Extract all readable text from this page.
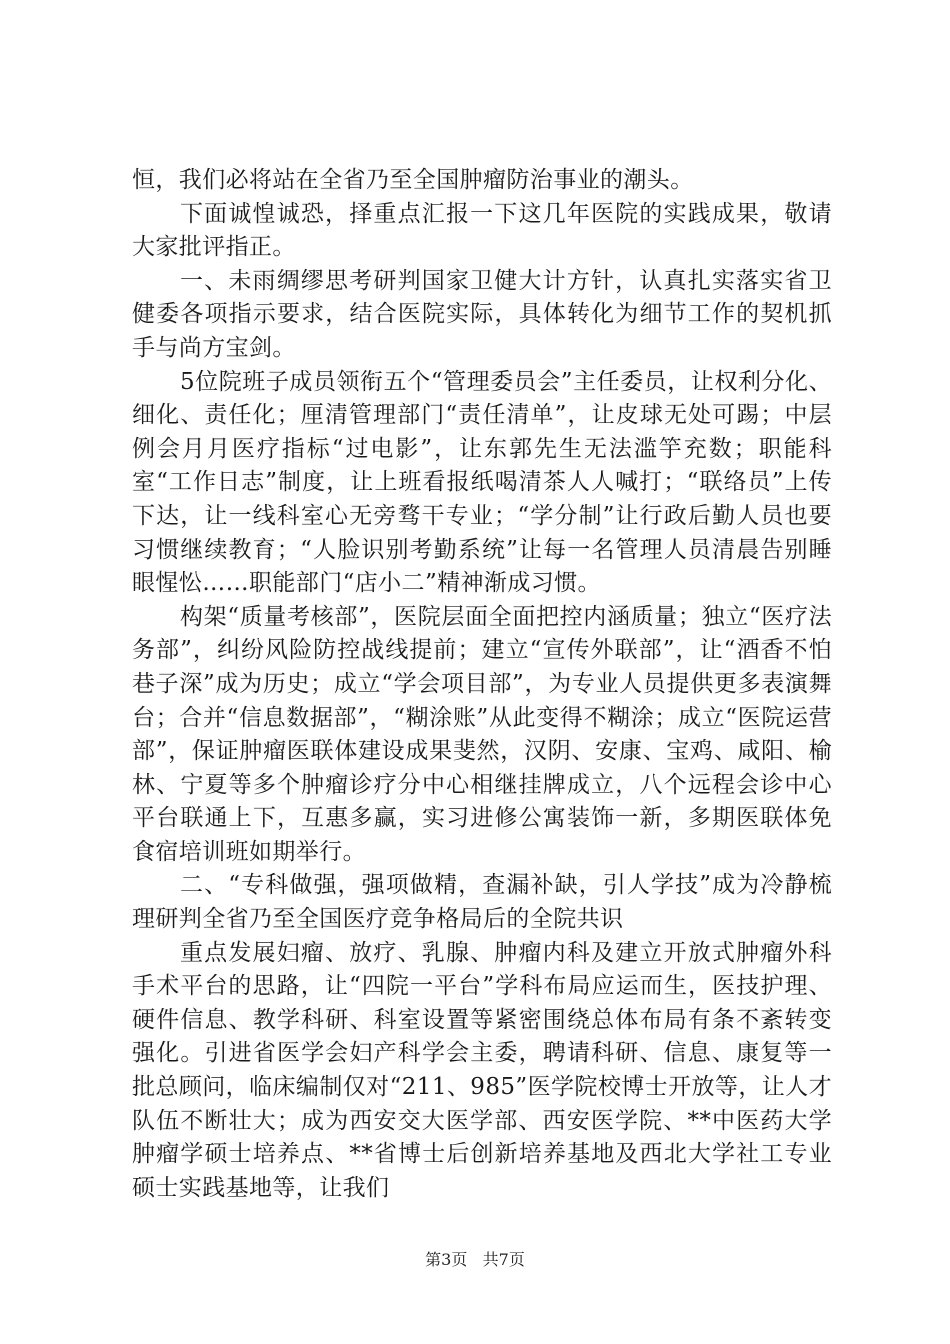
恒，我们必将站在全省乃至全国肿瘤防治事业的潮头。

下面诚惶诚恐，择重点汇报一下这几年医院的实践成果，敬请大家批评指正。

一、未雨绸缪思考研判国家卫健大计方针，认真扎实落实省卫健委各项指示要求，结合医院实际，具体转化为细节工作的契机抓手与尚方宝剑。

5位院班子成员领衔五个“管理委员会”主任委员，让权利分化、细化、责任化；厘清管理部门“责任清单”，让皮球无处可踢；中层例会月月医疗指标“过电影”，让东郭先生无法滥竽充数；职能科室“工作日志”制度，让上班看报纸喝清茶人人喊打；“联络员”上传下达，让一线科室心无旁骛干专业；“学分制”让行政后勤人员也要习惯继续教育；“人脸识别考勤系统”让每一名管理人员清晨告别睡眼惺忪……职能部门“店小二”精神渐成习惯。

构架“质量考核部”，医院层面全面把控内涵质量；独立“医疗法务部”，纠纷风险防控战线提前；建立“宣传外联部”，让“酒香不怕巷子深”成为历史；成立“学会项目部”，为专业人员提供更多表演舞台；合并“信息数据部”，“糊涂账”从此变得不糊涂；成立“医院运营部”，保证肿瘤医联体建设成果斐然，汉阴、安康、宝鸡、咸阳、榆林、宁夏等多个肿瘤诊疗分中心相继挂牌成立，八个远程会诊中心平台联通上下，互惠多赢，实习进修公寓装饰一新，多期医联体免食宿培训班如期举行。

二、“专科做强，强项做精，查漏补缺，引人学技”成为冷静梳理研判全省乃至全国医疗竞争格局后的全院共识

重点发展妇瘤、放疗、乳腺、肿瘤内科及建立开放式肿瘤外科手术平台的思路，让“四院一平台”学科布局应运而生，医技护理、硬件信息、教学科研、科室设置等紧密围绕总体布局有条不紊转变强化。引进省医学会妇产科学会主委，聘请科研、信息、康复等一批总顾问，临床编制仅对“211、985”医学院校博士开放等，让人才队伍不断壮大；成为西安交大医学部、西安医学院、**中医药大学肿瘤学硕士培养点、**省博士后创新培养基地及西北大学社工专业硕士实践基地等，让我们

第3页 共7页
